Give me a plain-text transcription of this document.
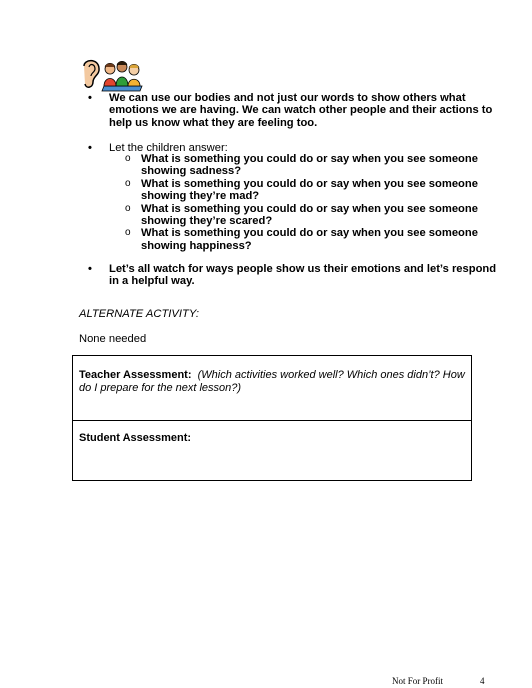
•	We can use our bodies and not just our words to show others what emotions we are having. We can watch other people and their actions to help us know what they are feeling too.
•	Let the children answer:
o What is something you could do or say when you see someone showing sadness?
o What is something you could do or say when you see someone showing they’re mad?
o What is something you could do or say when you see someone showing they’re scared?
o What is something you could do or say when you see someone showing happiness?
•	Let’s all watch for ways people show us their emotions and let’s respond in a helpful way.
ALTERNATE ACTIVITY:
None needed
Teacher Assessment: (Which activities worked well? Which ones didn’t? How do I prepare for the next lesson?)
Student Assessment:
Not For Profit	4
